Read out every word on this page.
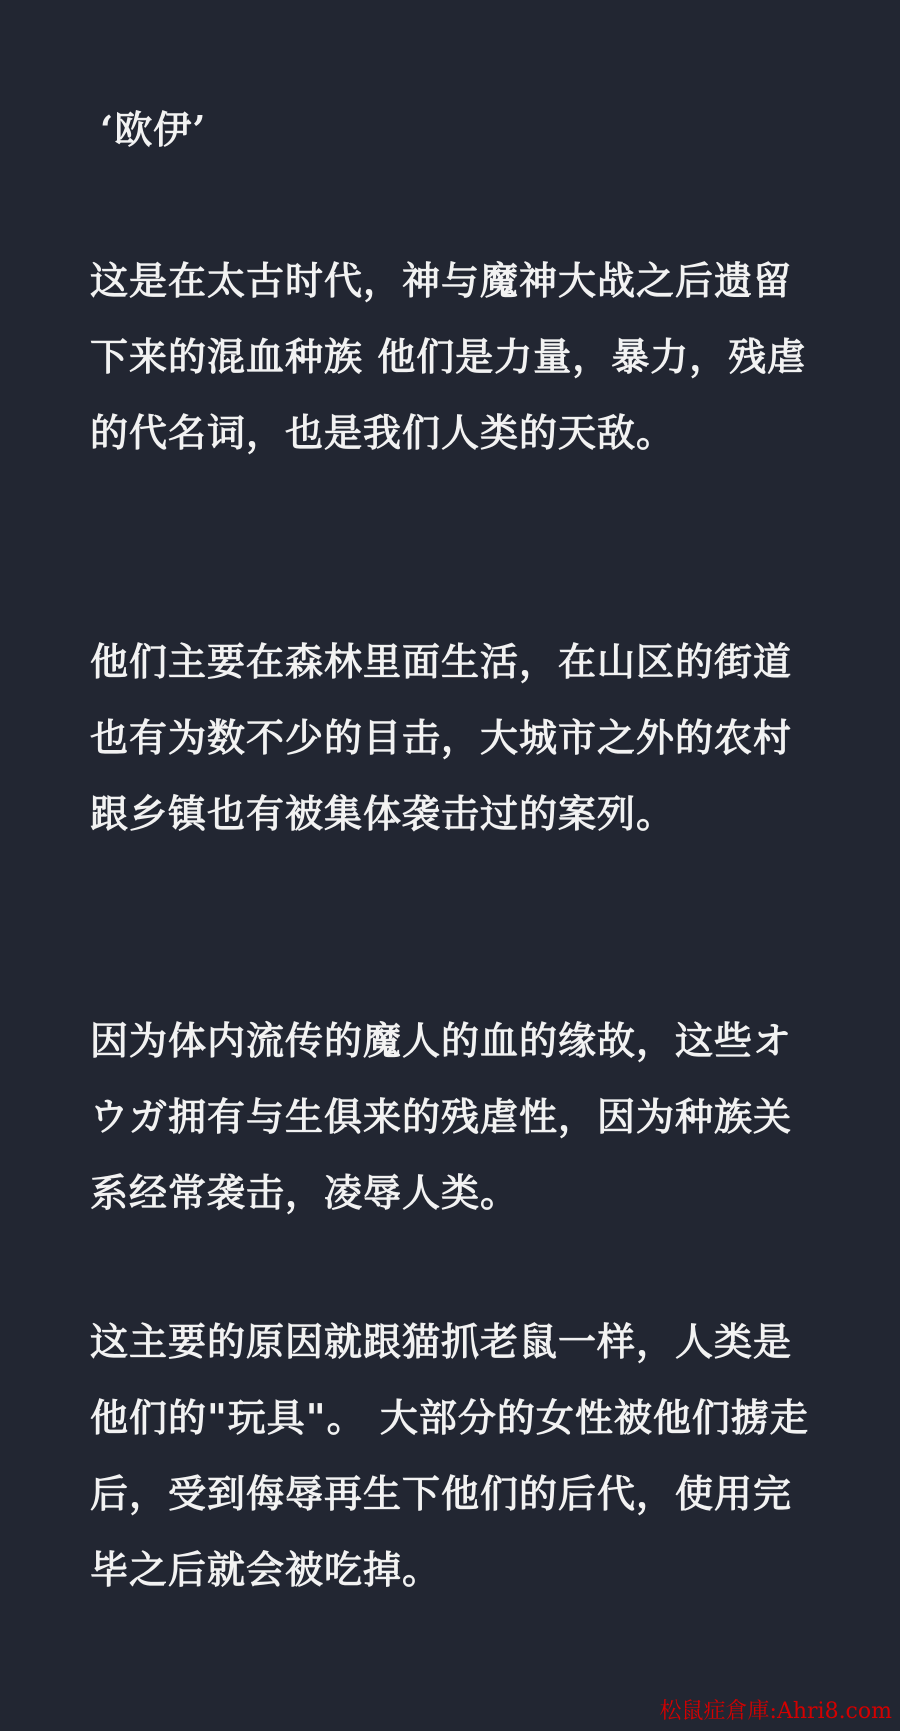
‘欧伊’
这是在太古时代，神与魔神大战之后遗留下来的混血种族 他们是力量，暴力，残虐的代名词，也是我们人类的天敌。
他们主要在森林里面生活，在山区的街道也有为数不少的目击，大城市之外的农村跟乡镇也有被集体袭击过的案列。
因为体内流传的魔人的血的缘故，这些オウガ拥有与生俱来的残虐性，因为种族关系经常袭击，凌辱人类。
这主要的原因就跟猫抓老鼠一样，人类是他们的"玩具"。 大部分的女性被他们掳走后，受到侮辱再生下他们的后代，使用完毕之后就会被吃掉。
松鼠症倉庫:Ahri8.com
